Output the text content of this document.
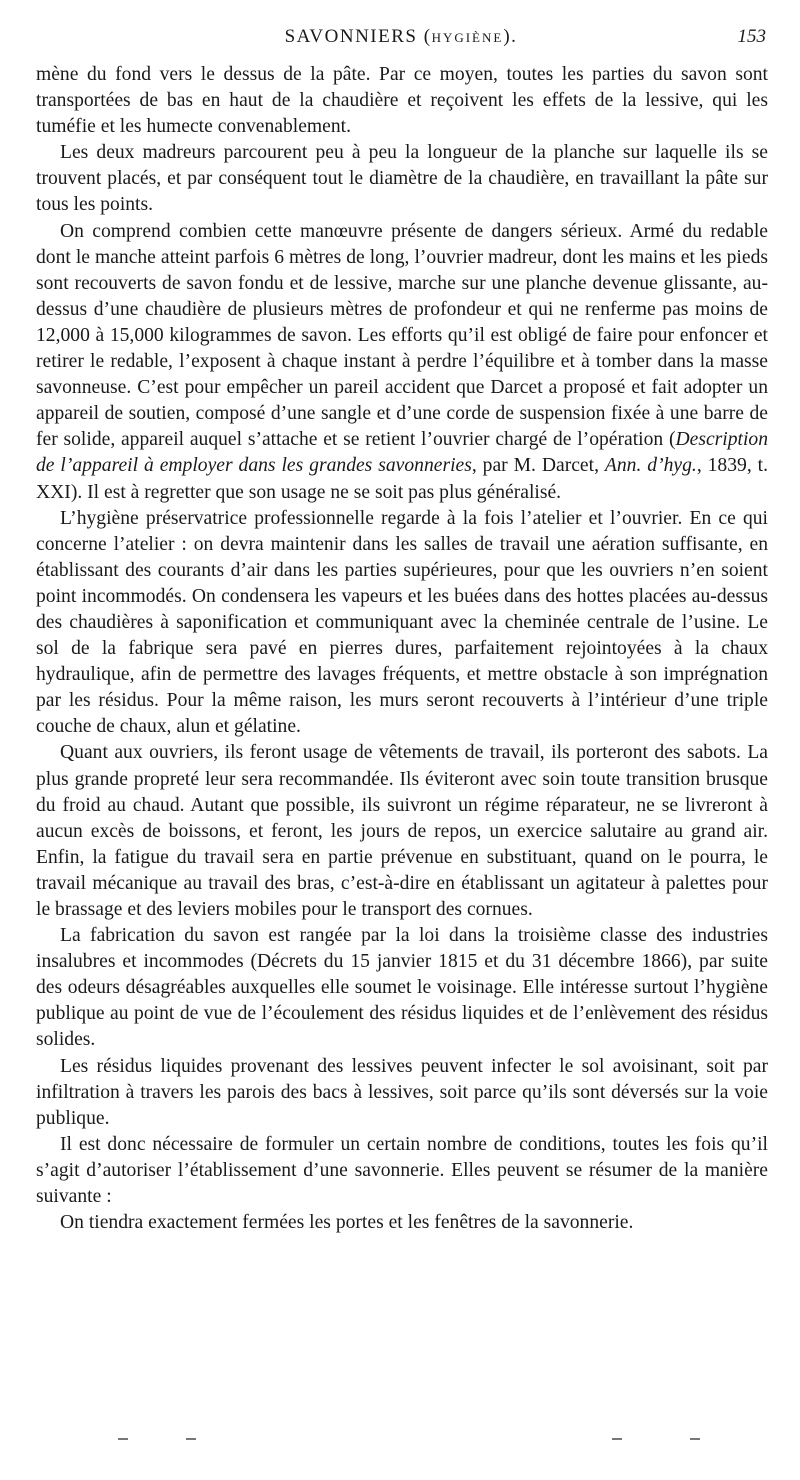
SAVONNIERS (HYGIÈNE).	153

mène du fond vers le dessus de la pâte. Par ce moyen, toutes les parties du savon sont transportées de bas en haut de la chaudière et reçoivent les effets de la lessive, qui les tuméfie et les humecte convenablement.

Les deux madreurs parcourent peu à peu la longueur de la planche sur laquelle ils se trouvent placés, et par conséquent tout le diamètre de la chaudière, en travaillant la pâte sur tous les points.

On comprend combien cette manœuvre présente de dangers sérieux. Armé du redable dont le manche atteint parfois 6 mètres de long, l’ouvrier madreur, dont les mains et les pieds sont recouverts de savon fondu et de lessive, marche sur une planche devenue glissante, au-dessus d’une chaudière de plusieurs mètres de profondeur et qui ne renferme pas moins de 12,000 à 15,000 kilogrammes de savon. Les efforts qu’il est obligé de faire pour enfoncer et retirer le redable, l’exposent à chaque instant à perdre l’équilibre et à tomber dans la masse savonneuse. C’est pour empêcher un pareil accident que Darcet a proposé et fait adopter un appareil de soutien, composé d’une sangle et d’une corde de suspension fixée à une barre de fer solide, appareil auquel s’attache et se retient l’ouvrier chargé de l’opération (Description de l’appareil à employer dans les grandes savonneries, par M. Darcet, Ann. d’hyg., 1839, t. XXI). Il est à regretter que son usage ne se soit pas plus généralisé.

L’hygiène préservatrice professionnelle regarde à la fois l’atelier et l’ouvrier. En ce qui concerne l’atelier : on devra maintenir dans les salles de travail une aération suffisante, en établissant des courants d’air dans les parties supérieures, pour que les ouvriers n’en soient point incommodés. On condensera les vapeurs et les buées dans des hottes placées au-dessus des chaudières à saponification et communiquant avec la cheminée centrale de l’usine. Le sol de la fabrique sera pavé en pierres dures, parfaitement rejointoyées à la chaux hydraulique, afin de permettre des lavages fréquents, et mettre obstacle à son imprégnation par les résidus. Pour la même raison, les murs seront recouverts à l’intérieur d’une triple couche de chaux, alun et gélatine.

Quant aux ouvriers, ils feront usage de vêtements de travail, ils porteront des sabots. La plus grande propreté leur sera recommandée. Ils éviteront avec soin toute transition brusque du froid au chaud. Autant que possible, ils suivront un régime réparateur, ne se livreront à aucun excès de boissons, et feront, les jours de repos, un exercice salutaire au grand air. Enfin, la fatigue du travail sera en partie prévenue en substituant, quand on le pourra, le travail mécanique au travail des bras, c’est-à-dire en établissant un agitateur à palettes pour le brassage et des leviers mobiles pour le transport des cornues.

La fabrication du savon est rangée par la loi dans la troisième classe des industries insalubres et incommodes (Décrets du 15 janvier 1815 et du 31 décembre 1866), par suite des odeurs désagréables auxquelles elle soumet le voisinage. Elle intéresse surtout l’hygiène publique au point de vue de l’écoulement des résidus liquides et de l’enlèvement des résidus solides.

Les résidus liquides provenant des lessives peuvent infecter le sol avoisinant, soit par infiltration à travers les parois des bacs à lessives, soit parce qu’ils sont déversés sur la voie publique.

Il est donc nécessaire de formuler un certain nombre de conditions, toutes les fois qu’il s’agit d’autoriser l’établissement d’une savonnerie. Elles peuvent se résumer de la manière suivante :

On tiendra exactement fermées les portes et les fenêtres de la savonnerie.
